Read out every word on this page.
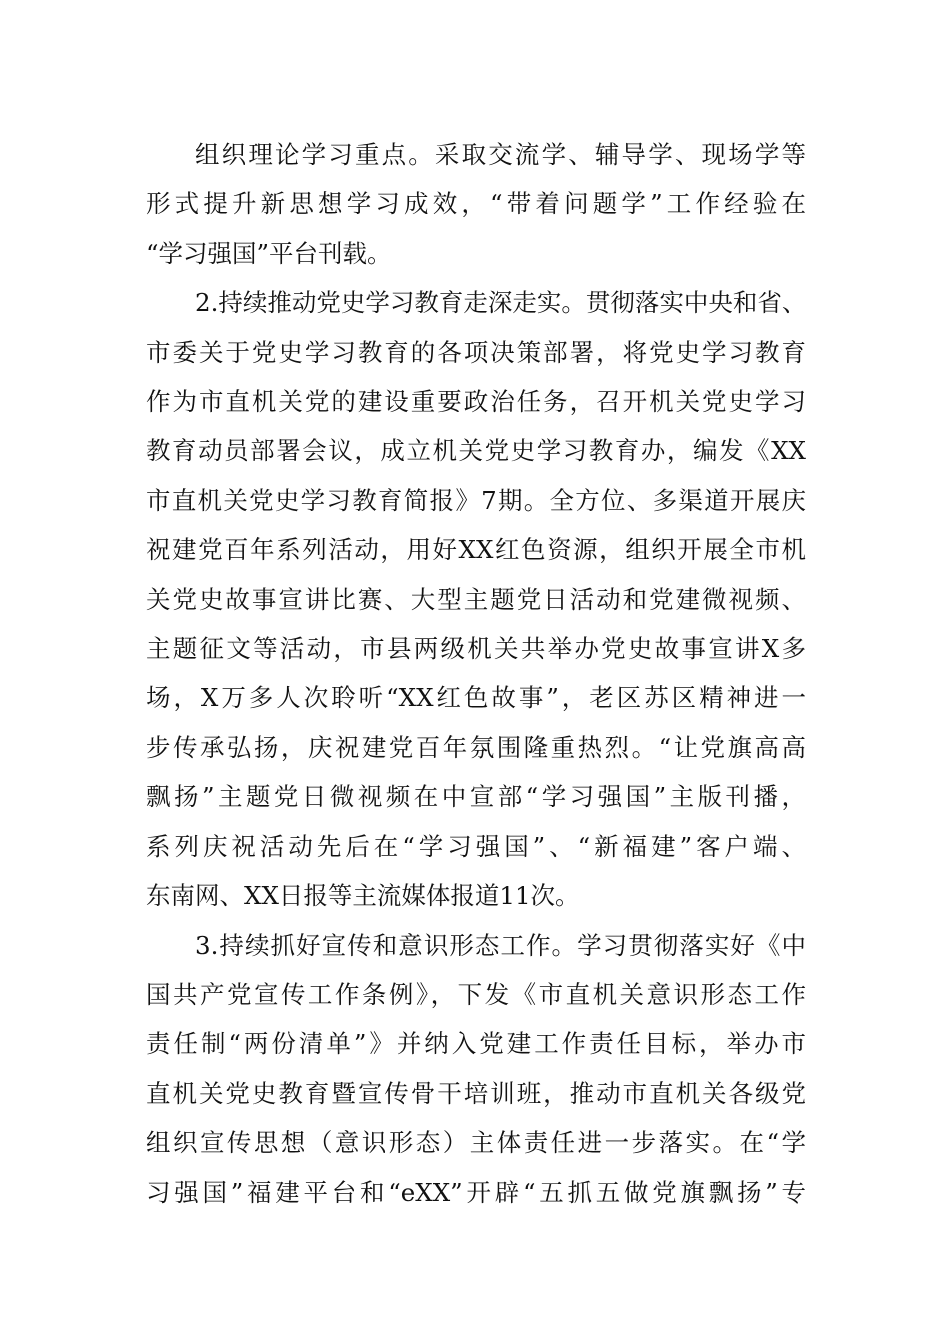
组织理论学习重点。采取交流学、辅导学、现场学等
形式提升新思想学习成效，“带着问题学”工作经验在
“学习强国”平台刊载。
2.持续推动党史学习教育走深走实。贯彻落实中央和省、
市委关于党史学习教育的各项决策部署，将党史学习教育
作为市直机关党的建设重要政治任务，召开机关党史学习
教育动员部署会议，成立机关党史学习教育办，编发《XX
市直机关党史学习教育简报》7期。全方位、多渠道开展庆
祝建党百年系列活动，用好XX红色资源，组织开展全市机
关党史故事宣讲比赛、大型主题党日活动和党建微视频、
主题征文等活动，市县两级机关共举办党史故事宣讲X多
场，X万多人次聆听“XX红色故事”，老区苏区精神进一
步传承弘扬，庆祝建党百年氛围隆重热烈。“让党旗高高
飘扬”主题党日微视频在中宣部“学习强国”主版刊播，
系列庆祝活动先后在“学习强国”、“新福建”客户端、
东南网、XX日报等主流媒体报道11次。
3.持续抓好宣传和意识形态工作。学习贯彻落实好《中
国共产党宣传工作条例》，下发《市直机关意识形态工作
责任制“两份清单”》并纳入党建工作责任目标，举办市
直机关党史教育暨宣传骨干培训班，推动市直机关各级党
组织宣传思想（意识形态）主体责任进一步落实。在“学
习强国”福建平台和“eXX”开辟“五抓五做党旗飘扬”专
